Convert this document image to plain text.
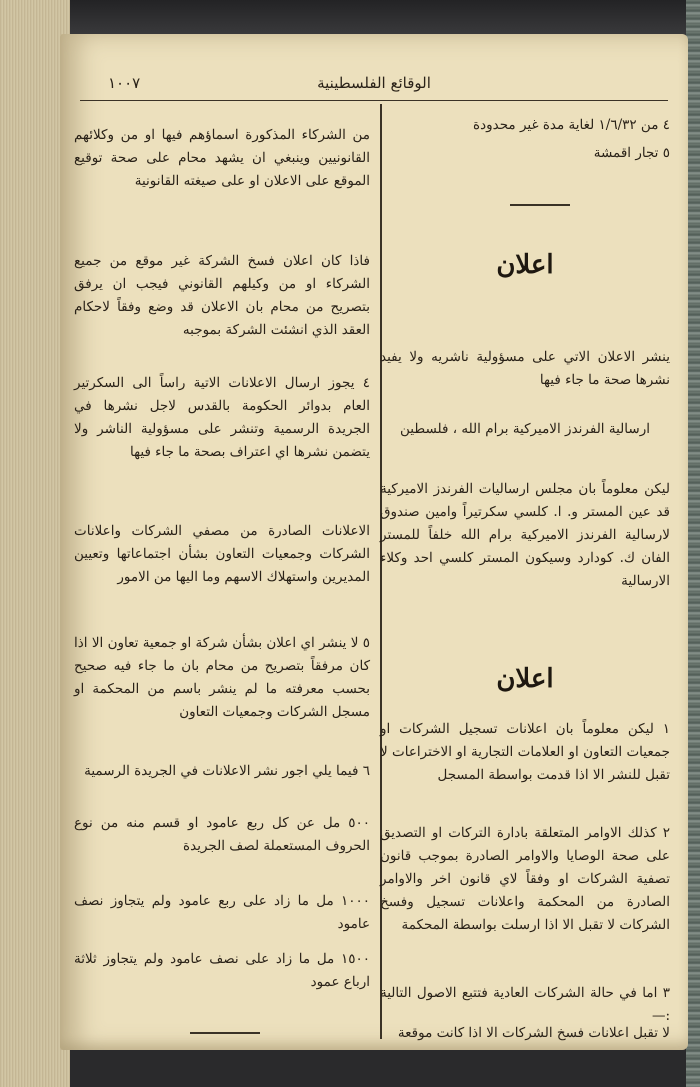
الوقائع الفلسطينية
١٠٠٧
٤ من ١/٦/٣٢ لغاية مدة غير محدودة
٥ تجار اقمشة
اعلان
ينشر الاعلان الاتي على مسؤولية ناشريه ولا يفيد نشرها صحة ما جاء فيها
ارسالية الفرندز الاميركية برام الله ، فلسطين
ليكن معلوماً بان مجلس ارساليات الفرندز الاميركية قد عين المستر و. ا. كلسي سكرتيراً وامين صندوق لارسالية الفرندز الاميركية برام الله خلفاً للمستر الفان ك. كودارد وسيكون المستر كلسي احد وكلاء الارسالية
اعلان
١ ليكن معلوماً بان اعلانات تسجيل الشركات او جمعيات التعاون او العلامات التجارية او الاختراعات لا تقبل للنشر الا اذا قدمت بواسطة المسجل
٢ كذلك الاوامر المتعلقة بادارة التركات او التصديق على صحة الوصايا والاوامر الصادرة بموجب قانون تصفية الشركات او وفقاً لاي قانون اخر والاوامر الصادرة من المحكمة واعلانات تسجيل وفسخ الشركات لا تقبل الا اذا ارسلت بواسطة المحكمة
٣ اما في حالة الشركات العادية فتتبع الاصول التالية :—
لا تقبل اعلانات فسخ الشركات الا اذا كانت موقعة
من الشركاء المذكورة اسماؤهم فيها او من وكلائهم القانونيين وينبغي ان يشهد محام على صحة توقيع الموقع على الاعلان او على صيغته القانونية
فاذا كان اعلان فسخ الشركة غير موقع من جميع الشركاء او من وكيلهم القانوني فيجب ان يرفق بتصريح من محام بان الاعلان قد وضع وفقاً لاحكام العقد الذي انشئت الشركة بموجبه
٤ يجوز ارسال الاعلانات الاتية راساً الى السكرتير العام بدوائر الحكومة بالقدس لاجل نشرها في الجريدة الرسمية وتنشر على مسؤولية الناشر ولا يتضمن نشرها اي اعتراف بصحة ما جاء فيها
الاعلانات الصادرة من مصفي الشركات واعلانات الشركات وجمعيات التعاون بشأن اجتماعاتها وتعيين المديرين واستهلاك الاسهم وما اليها من الامور
٥ لا ينشر اي اعلان بشأن شركة او جمعية تعاون الا اذا كان مرفقاً بتصريح من محام بان ما جاء فيه صحيح بحسب معرفته ما لم ينشر باسم من المحكمة او مسجل الشركات وجمعيات التعاون
٦ فيما يلي اجور نشر الاعلانات في الجريدة الرسمية
٥٠٠ مل عن كل ربع عامود او قسم منه من نوع الحروف المستعملة لصف الجريدة
١٠٠٠ مل ما زاد على ربع عامود ولم يتجاوز نصف عامود
١٥٠٠ مل ما زاد على نصف عامود ولم يتجاوز ثلاثة ارباع عمود
